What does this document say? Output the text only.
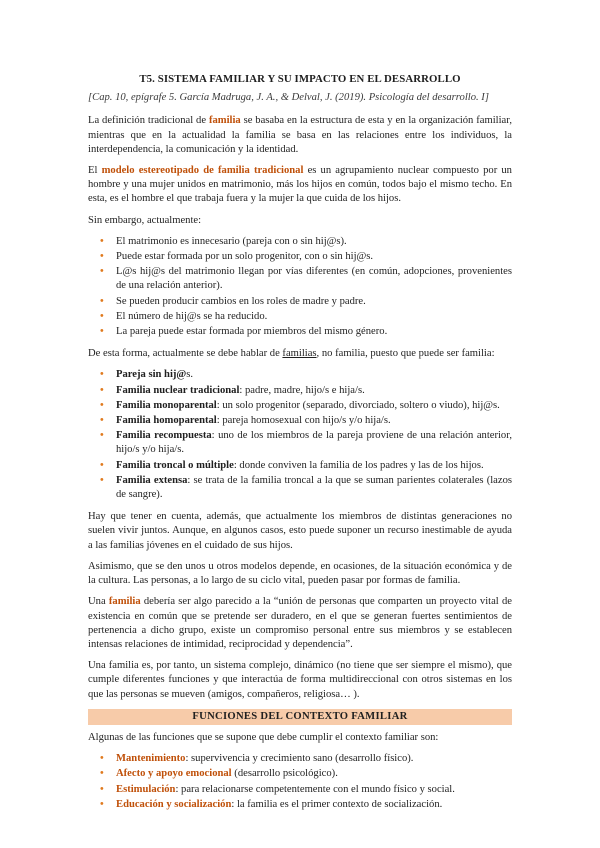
T5. SISTEMA FAMILIAR Y SU IMPACTO EN EL DESARROLLO
[Cap. 10, epígrafe 5. García Madruga, J. A., & Delval, J. (2019). Psicología del desarrollo. I]

La definición tradicional de familia se basaba en la estructura de esta y en la organización familiar, mientras que en la actualidad la familia se basa en las relaciones entre los individuos, la interdependencia, la comunicación y la identidad.

El modelo estereotipado de familia tradicional es un agrupamiento nuclear compuesto por un hombre y una mujer unidos en matrimonio, más los hijos en común, todos bajo el mismo techo. En esta, es el hombre el que trabaja fuera y la mujer la que cuida de los hijos.

Sin embargo, actualmente:

• El matrimonio es innecesario (pareja con o sin hij@s).
• Puede estar formada por un solo progenitor, con o sin hij@s.
• L@s hij@s del matrimonio llegan por vías diferentes (en común, adopciones, provenientes de una relación anterior).
• Se pueden producir cambios en los roles de madre y padre.
• El número de hij@s se ha reducido.
• La pareja puede estar formada por miembros del mismo género.

De esta forma, actualmente se debe hablar de familias, no familia, puesto que puede ser familia:

• Pareja sin hij@s.
• Familia nuclear tradicional: padre, madre, hijo/s e hija/s.
• Familia monoparental: un solo progenitor (separado, divorciado, soltero o viudo), hij@s.
• Familia homoparental: pareja homosexual con hijo/s y/o hija/s.
• Familia recompuesta: uno de los miembros de la pareja proviene de una relación anterior, hijo/s y/o hija/s.
• Familia troncal o múltiple: donde conviven la familia de los padres y las de los hijos.
• Familia extensa: se trata de la familia troncal a la que se suman parientes colaterales (lazos de sangre).

Hay que tener en cuenta, además, que actualmente los miembros de distintas generaciones no suelen vivir juntos. Aunque, en algunos casos, esto puede suponer un recurso inestimable de ayuda a las familias jóvenes en el cuidado de sus hijos.

Asimismo, que se den unos u otros modelos depende, en ocasiones, de la situación económica y de la cultura. Las personas, a lo largo de su ciclo vital, pueden pasar por formas de familia.

Una familia debería ser algo parecido a la “unión de personas que comparten un proyecto vital de existencia en común que se pretende ser duradero, en el que se generan fuertes sentimientos de pertenencia a dicho grupo, existe un compromiso personal entre sus miembros y se establecen intensas relaciones de intimidad, reciprocidad y dependencia”.

Una familia es, por tanto, un sistema complejo, dinámico (no tiene que ser siempre el mismo), que cumple diferentes funciones y que interactúa de forma multidireccional con otros sistemas en los que las personas se mueven (amigos, compañeros, religiosa… ).

FUNCIONES DEL CONTEXTO FAMILIAR

Algunas de las funciones que se supone que debe cumplir el contexto familiar son:

• Mantenimiento: supervivencia y crecimiento sano (desarrollo físico).
• Afecto y apoyo emocional (desarrollo psicológico).
• Estimulación: para relacionarse competentemente con el mundo físico y social.
• Educación y socialización: la familia es el primer contexto de socialización.
